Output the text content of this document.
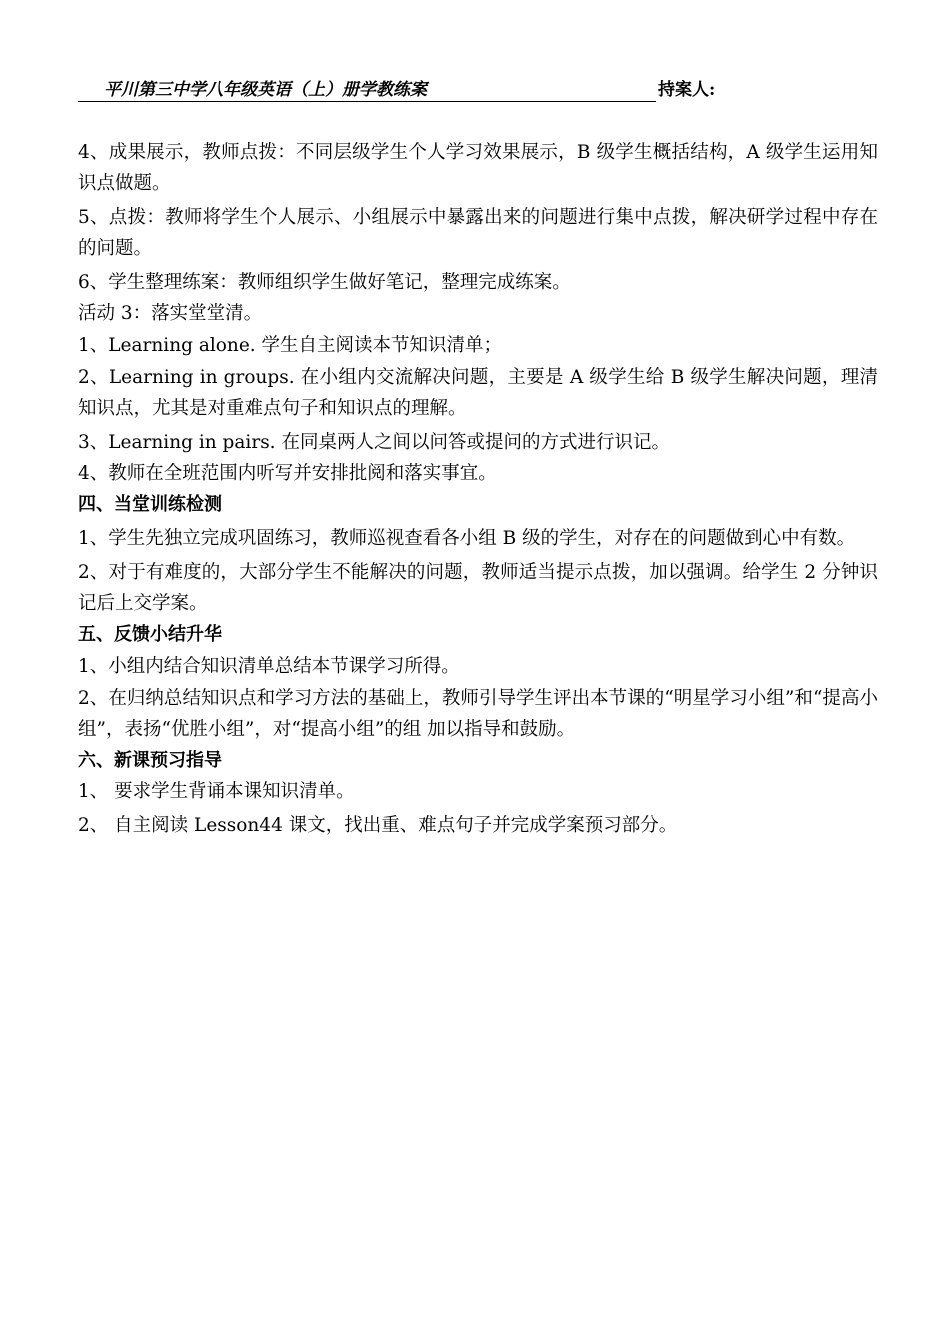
平川第三中学八年级英语（上）册学教练案	持案人:

4、成果展示，教师点拨：不同层级学生个人学习效果展示，B 级学生概括结构，A 级学生运用知识点做题。

5、点拨：教师将学生个人展示、小组展示中暴露出来的问题进行集中点拨，解决研学过程中存在的问题。

6、学生整理练案：教师组织学生做好笔记，整理完成练案。

活动 3：落实堂堂清。

1、Learning alone. 学生自主阅读本节知识清单；

2、Learning in groups. 在小组内交流解决问题，主要是 A 级学生给 B 级学生解决问题，理清知识点，尤其是对重难点句子和知识点的理解。

3、Learning in pairs. 在同桌两人之间以问答或提问的方式进行识记。

4、教师在全班范围内听写并安排批阅和落实事宜。

四、当堂训练检测

1、学生先独立完成巩固练习，教师巡视查看各小组 B 级的学生，对存在的问题做到心中有数。

2、对于有难度的，大部分学生不能解决的问题，教师适当提示点拨，加以强调。给学生 2 分钟识记后上交学案。

五、反馈小结升华

1、小组内结合知识清单总结本节课学习所得。

2、在归纳总结知识点和学习方法的基础上，教师引导学生评出本节课的“明星学习小组”和“提高小组”，表扬“优胜小组”，对“提高小组”的组 加以指导和鼓励。

六、新课预习指导

1、 要求学生背诵本课知识清单。

2、 自主阅读 Lesson44 课文，找出重、难点句子并完成学案预习部分。
